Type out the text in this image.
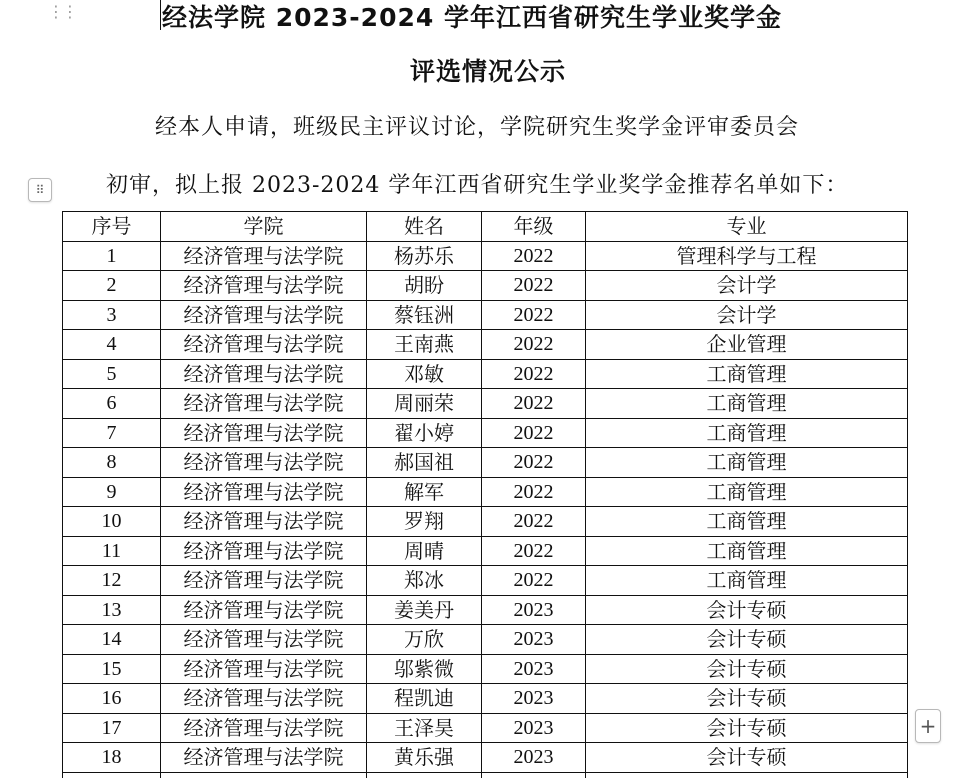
⋮⋮	经法学院 2023-2024 学年江西省研究生学业奖学金
评选情况公示

经本人申请，班级民主评议讨论，学院研究生奖学金评审委员会

初审，拟上报 2023-2024 学年江西省研究生学业奖学金推荐名单如下：

⠿
序号	学院	姓名	年级	专业
1	经济管理与法学院	杨苏乐	2022	管理科学与工程
2	经济管理与法学院	胡盼	2022	会计学
3	经济管理与法学院	蔡钰洲	2022	会计学
4	经济管理与法学院	王南燕	2022	企业管理
5	经济管理与法学院	邓敏	2022	工商管理
6	经济管理与法学院	周丽荣	2022	工商管理
7	经济管理与法学院	翟小婷	2022	工商管理
8	经济管理与法学院	郝国祖	2022	工商管理
9	经济管理与法学院	解军	2022	工商管理
10	经济管理与法学院	罗翔	2022	工商管理
11	经济管理与法学院	周晴	2022	工商管理
12	经济管理与法学院	郑冰	2022	工商管理
13	经济管理与法学院	姜美丹	2023	会计专硕
14	经济管理与法学院	万欣	2023	会计专硕
15	经济管理与法学院	邬紫微	2023	会计专硕
16	经济管理与法学院	程凯迪	2023	会计专硕
17	经济管理与法学院	王泽昊	2023	会计专硕
18	经济管理与法学院	黄乐强	2023	会计专硕

+
